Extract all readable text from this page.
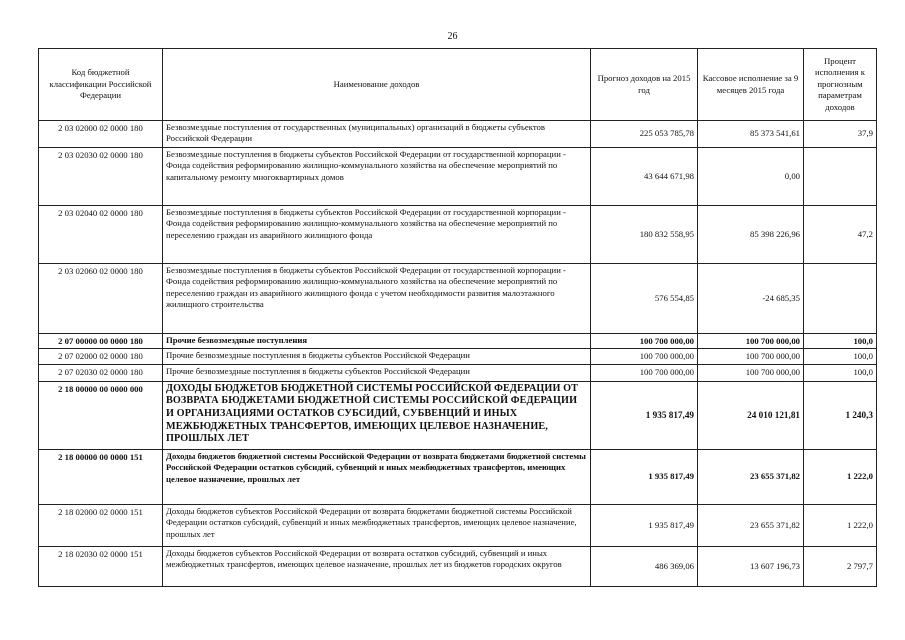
26
Код бюджетной классификации Российской Федерации	Наименование доходов	Прогноз доходов на 2015 год	Кассовое исполнение за 9 месяцев 2015 года	Процент исполнения к прогнозным параметрам доходов
2 03 02000 02 0000 180	Безвозмездные поступления от государственных (муниципальных) организаций в бюджеты субъектов Российской Федерации	225 053 785,78	85 373 541,61	37,9
2 03 02030 02 0000 180	Безвозмездные поступления в бюджеты субъектов Российской Федерации от государственной корпорации - Фонда содействия реформированию жилищно-коммунального хозяйства на обеспечение мероприятий по капитальному ремонту многоквартирных домов	43 644 671,98	0,00	
2 03 02040 02 0000 180	Безвозмездные поступления в бюджеты субъектов Российской Федерации от государственной корпорации - Фонда содействия реформированию жилищно-коммунального хозяйства на обеспечение мероприятий по переселению граждан из аварийного жилищного фонда	180 832 558,95	85 398 226,96	47,2
2 03 02060 02 0000 180	Безвозмездные поступления в бюджеты субъектов Российской Федерации от государственной корпорации - Фонда содействия реформированию жилищно-коммунального хозяйства на обеспечение мероприятий по переселению граждан из аварийного жилищного фонда с учетом необходимости развития малоэтажного жилищного строительства	576 554,85	-24 685,35	
2 07 00000 00 0000 180	Прочие безвозмездные поступления	100 700 000,00	100 700 000,00	100,0
2 07 02000 02 0000 180	Прочие безвозмездные поступления в бюджеты субъектов Российской Федерации	100 700 000,00	100 700 000,00	100,0
2 07 02030 02 0000 180	Прочие безвозмездные поступления в бюджеты субъектов Российской Федерации	100 700 000,00	100 700 000,00	100,0
2 18 00000 00 0000 000	ДОХОДЫ БЮДЖЕТОВ БЮДЖЕТНОЙ СИСТЕМЫ РОССИЙСКОЙ ФЕДЕРАЦИИ ОТ ВОЗВРАТА БЮДЖЕТАМИ БЮДЖЕТНОЙ СИСТЕМЫ РОССИЙСКОЙ ФЕДЕРАЦИИ И ОРГАНИЗАЦИЯМИ ОСТАТКОВ СУБСИДИЙ, СУБВЕНЦИЙ И ИНЫХ МЕЖБЮДЖЕТНЫХ ТРАНСФЕРТОВ, ИМЕЮЩИХ ЦЕЛЕВОЕ НАЗНАЧЕНИЕ, ПРОШЛЫХ ЛЕТ	1 935 817,49	24 010 121,81	1 240,3
2 18 00000 00 0000 151	Доходы бюджетов бюджетной системы Российской Федерации от возврата бюджетами бюджетной системы Российской Федерации остатков субсидий, субвенций и иных межбюджетных трансфертов, имеющих целевое назначение, прошлых лет	1 935 817,49	23 655 371,82	1 222,0
2 18 02000 02 0000 151	Доходы бюджетов субъектов Российской Федерации от возврата бюджетами бюджетной системы Российской Федерации остатков субсидий, субвенций и иных межбюджетных трансфертов, имеющих целевое назначение, прошлых лет	1 935 817,49	23 655 371,82	1 222,0
2 18 02030 02 0000 151	Доходы бюджетов субъектов Российской Федерации от возврата остатков субсидий, субвенций и иных межбюджетных трансфертов, имеющих целевое назначение, прошлых лет из бюджетов городских округов	486 369,06	13 607 196,73	2 797,7
